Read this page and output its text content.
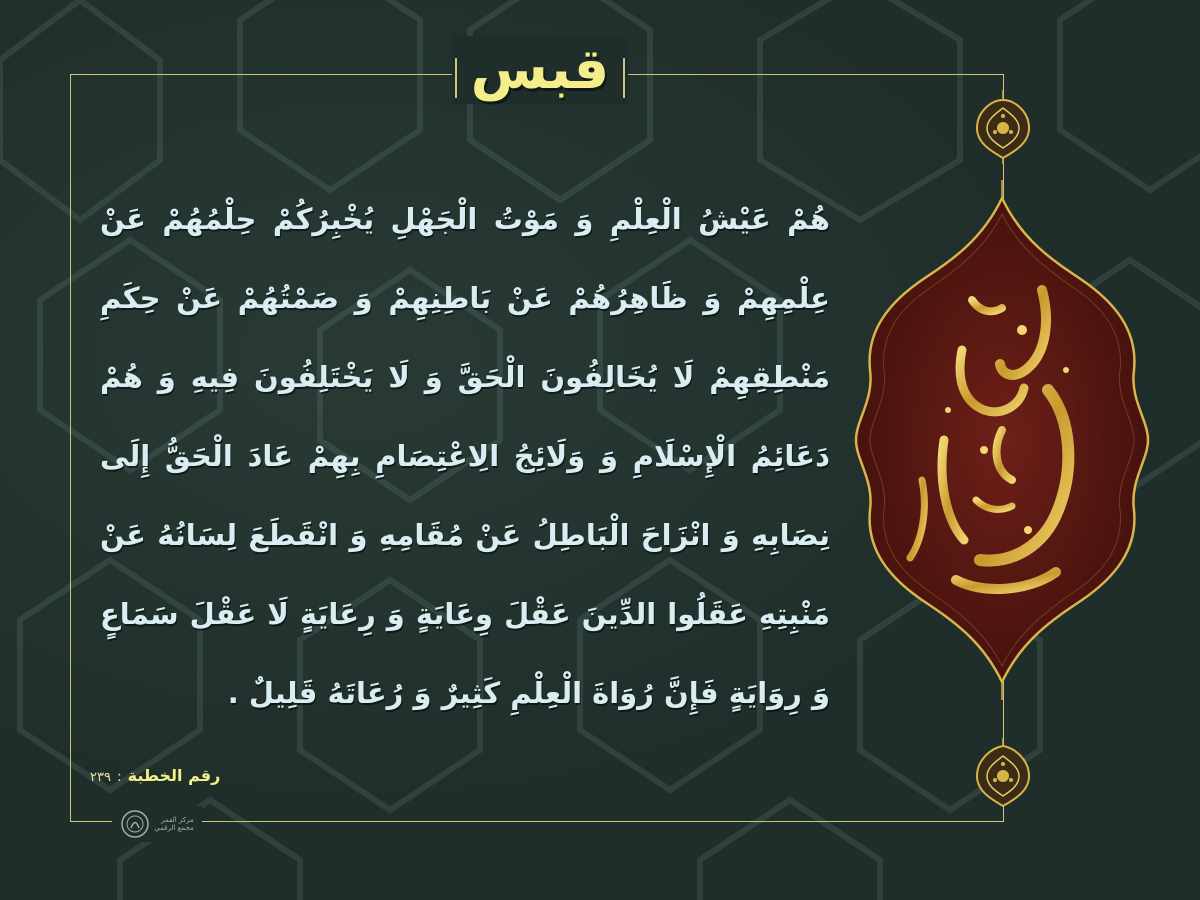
قبس
هُمْ عَيْشُ الْعِلْمِ وَ مَوْتُ الْجَهْلِ يُخْبِرُكُمْ حِلْمُهُمْ عَنْ عِلْمِهِمْ وَ ظَاهِرُهُمْ عَنْ بَاطِنِهِمْ وَ صَمْتُهُمْ عَنْ حِكَمِ مَنْطِقِهِمْ لَا يُخَالِفُونَ الْحَقَّ وَ لَا يَخْتَلِفُونَ فِيهِ وَ هُمْ دَعَائِمُ الْإِسْلَامِ وَ وَلَائِجُ الِاعْتِصَامِ بِهِمْ عَادَ الْحَقُّ إِلَى نِصَابِهِ وَ انْزَاحَ الْبَاطِلُ عَنْ مُقَامِهِ وَ انْقَطَعَ لِسَانُهُ عَنْ مَنْبِتِهِ عَقَلُوا الدِّينَ عَقْلَ وِعَايَةٍ وَ رِعَايَةٍ لَا عَقْلَ سَمَاعٍ وَ رِوَايَةٍ فَإِنَّ رُوَاةَ الْعِلْمِ كَثِيرٌ وَ رُعَاتَهُ قَلِيلٌ .
رقم الخطبة
:
٢٣٩
مركز القمر
مجمع الرقمي
